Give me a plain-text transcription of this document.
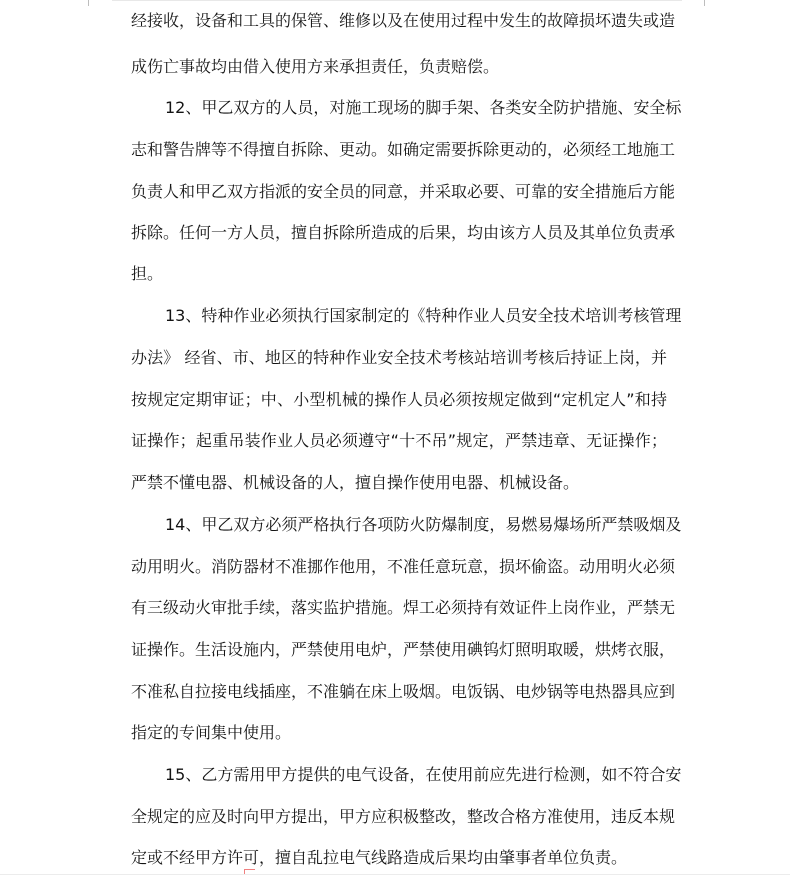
经接收，设备和工具的保管、维修以及在使用过程中发生的故障损坏遗失或造
成伤亡事故均由借入使用方来承担责任，负责赔偿。
12、甲乙双方的人员，对施工现场的脚手架、各类安全防护措施、安全标
志和警告牌等不得擅自拆除、更动。如确定需要拆除更动的，必须经工地施工
负责人和甲乙双方指派的安全员的同意，并采取必要、可靠的安全措施后方能
拆除。任何一方人员，擅自拆除所造成的后果，均由该方人员及其单位负责承
担。
13、特种作业必须执行国家制定的《特种作业人员安全技术培训考核管理
办法》 经省、市、地区的特种作业安全技术考核站培训考核后持证上岗，并
按规定定期审证；中、小型机械的操作人员必须按规定做到“定机定人”和持
证操作；起重吊装作业人员必须遵守“十不吊”规定，严禁违章、无证操作；
严禁不懂电器、机械设备的人，擅自操作使用电器、机械设备。
14、甲乙双方必须严格执行各项防火防爆制度，易燃易爆场所严禁吸烟及
动用明火。消防器材不准挪作他用，不准任意玩意，损坏偷盗。动用明火必须
有三级动火审批手续，落实监护措施。焊工必须持有效证件上岗作业，严禁无
证操作。生活设施内，严禁使用电炉，严禁使用碘钨灯照明取暖，烘烤衣服，
不准私自拉接电线插座，不准躺在床上吸烟。电饭锅、电炒锅等电热器具应到
指定的专间集中使用。
15、乙方需用甲方提供的电气设备，在使用前应先进行检测，如不符合安
全规定的应及时向甲方提出，甲方应积极整改，整改合格方准使用，违反本规
定或不经甲方许可，擅自乱拉电气线路造成后果均由肇事者单位负责。
